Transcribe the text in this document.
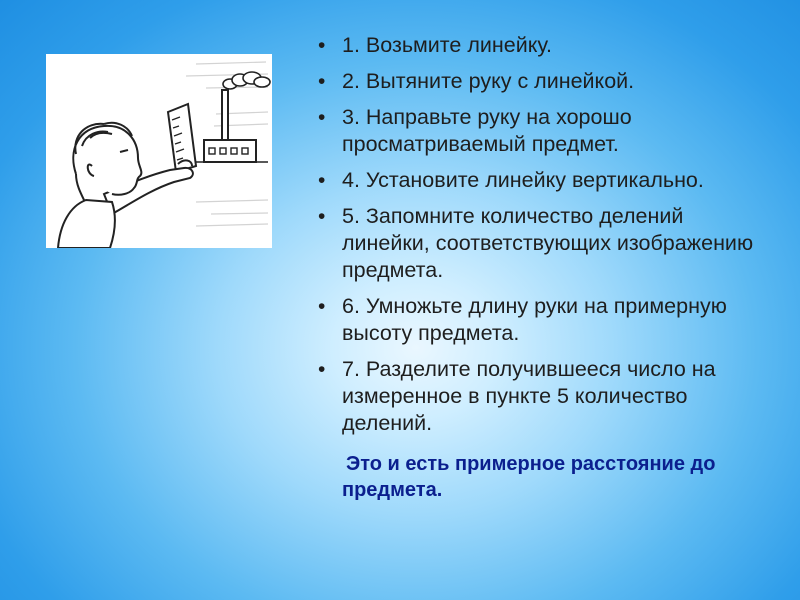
• 1. Возьмите линейку.
• 2. Вытяните руку с линейкой.
• 3. Направьте руку на хорошо просматриваемый предмет.
• 4. Установите линейку вертикально.
• 5. Запомните количество делений линейки, соответствующих изображению предмета.
• 6. Умножьте длину руки на примерную высоту предмета.
• 7. Разделите получившееся число на измеренное в пункте 5 количество делений.
Это и есть примерное расстояние до предмета.
